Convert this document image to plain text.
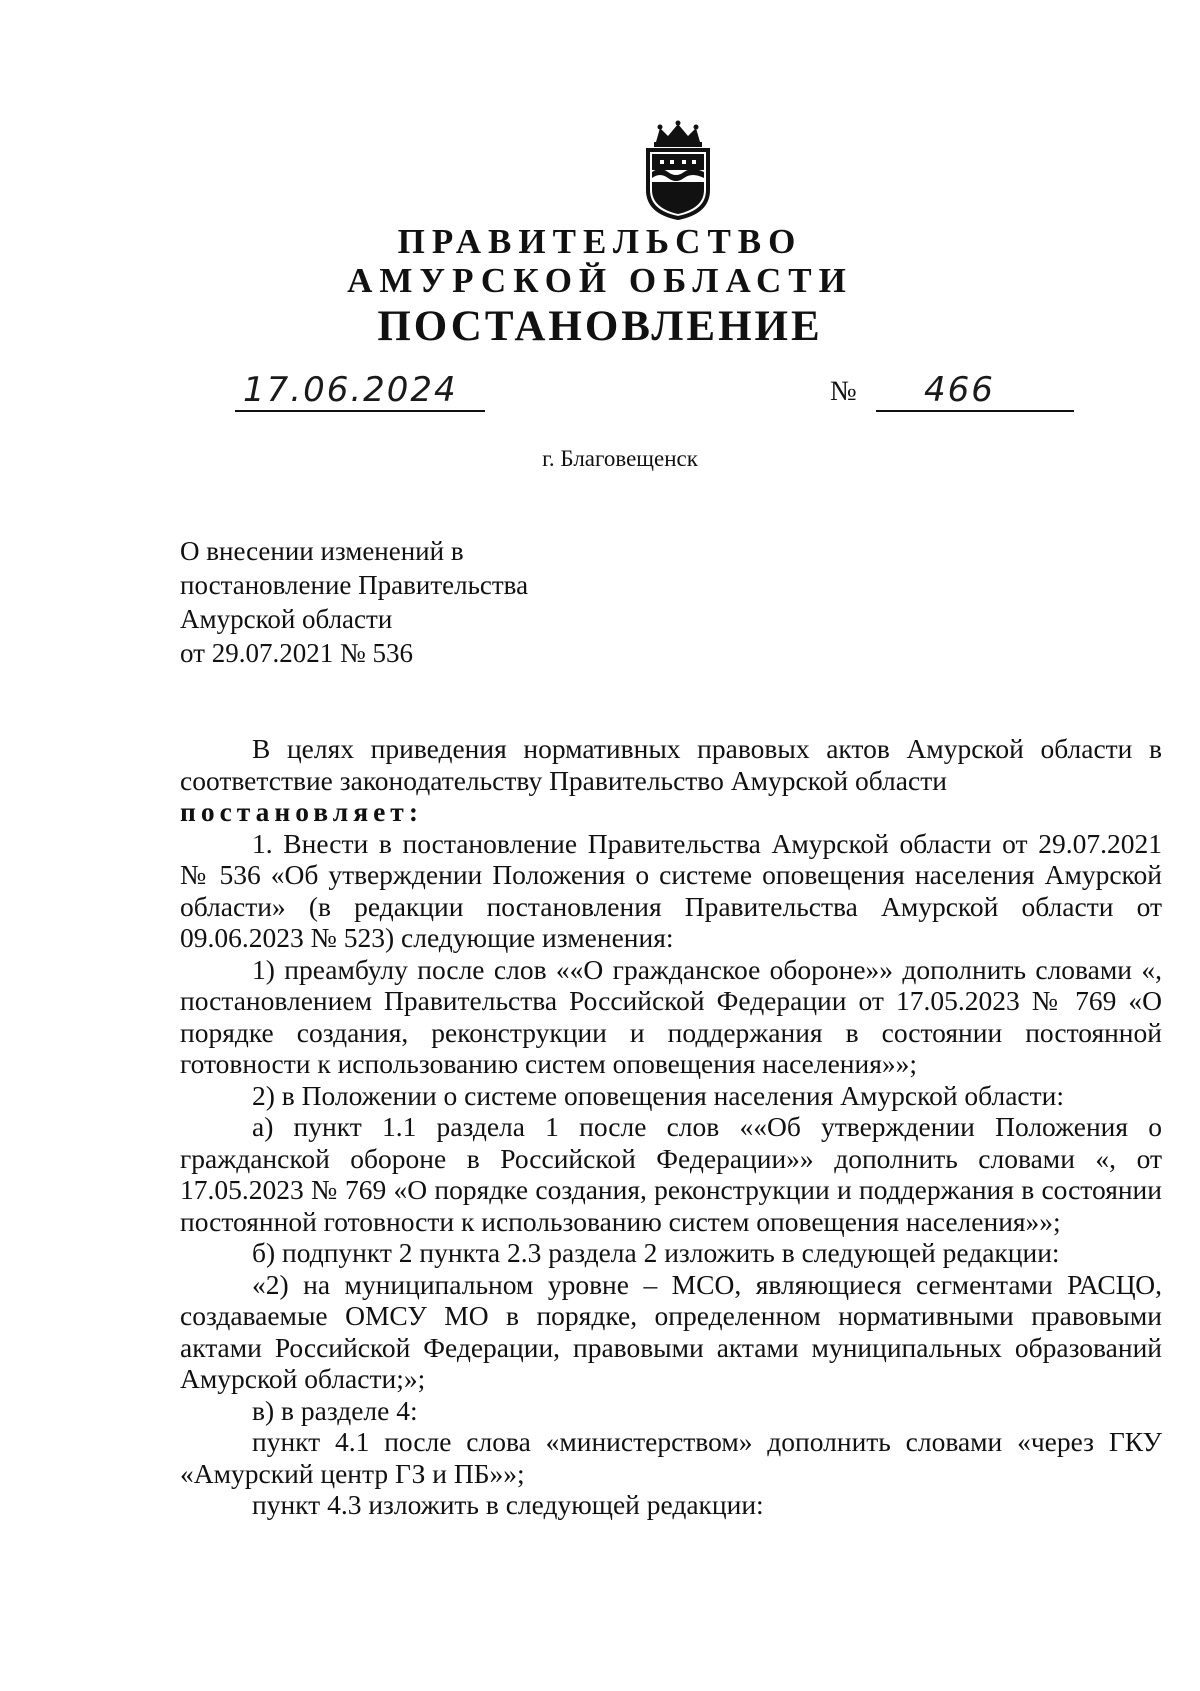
ПРАВИТЕЛЬСТВО
АМУРСКОЙ ОБЛАСТИ
ПОСТАНОВЛЕНИЕ
17.06.2024	№ 466
г. Благовещенск
О внесении изменений в
постановление Правительства
Амурской области
от 29.07.2021 № 536

В целях приведения нормативных правовых актов Амурской области в соответствие законодательству Правительство Амурской области

постановляет:

1. Внести в постановление Правительства Амурской области от 29.07.2021 № 536 «Об утверждении Положения о системе оповещения населения Амурской области» (в редакции постановления Правительства Амурской области от 09.06.2023 № 523) следующие изменения:

1) преамбулу после слов ««О гражданское обороне»» дополнить словами «, постановлением Правительства Российской Федерации от 17.05.2023 № 769 «О порядке создания, реконструкции и поддержания в состоянии постоянной готовности к использованию систем оповещения населения»»;

2) в Положении о системе оповещения населения Амурской области:

а) пункт 1.1 раздела 1 после слов ««Об утверждении Положения о гражданской обороне в Российской Федерации»» дополнить словами «, от 17.05.2023 № 769 «О порядке создания, реконструкции и поддержания в состоянии постоянной готовности к использованию систем оповещения населения»»;

б) подпункт 2 пункта 2.3 раздела 2 изложить в следующей редакции:

«2) на муниципальном уровне – МСО, являющиеся сегментами РАСЦО, создаваемые ОМСУ МО в порядке, определенном нормативными правовыми актами Российской Федерации, правовыми актами муниципальных образований Амурской области;»;

в) в разделе 4:

пункт 4.1 после слова «министерством» дополнить словами «через ГКУ «Амурский центр ГЗ и ПБ»»;

пункт 4.3 изложить в следующей редакции:
